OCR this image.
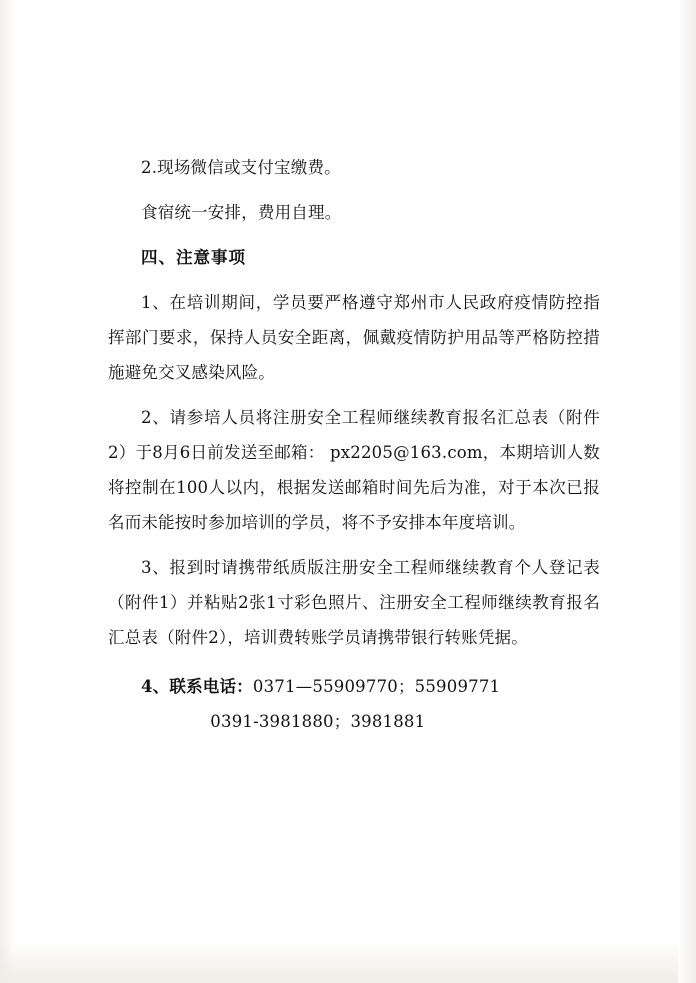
2.现场微信或支付宝缴费。

食宿统一安排，费用自理。

四、注意事项

1、在培训期间，学员要严格遵守郑州市人民政府疫情防控指挥部门要求，保持人员安全距离，佩戴疫情防护用品等严格防控措施避免交叉感染风险。

2、请参培人员将注册安全工程师继续教育报名汇总表（附件2）于8月6日前发送至邮箱： px2205@163.com，本期培训人数将控制在100人以内，根据发送邮箱时间先后为准，对于本次已报名而未能按时参加培训的学员，将不予安排本年度培训。

3、报到时请携带纸质版注册安全工程师继续教育个人登记表（附件1）并粘贴2张1寸彩色照片、注册安全工程师继续教育报名汇总表（附件2），培训费转账学员请携带银行转账凭据。

4、联系电话：0371—55909770；55909771

0391-3981880；3981881
